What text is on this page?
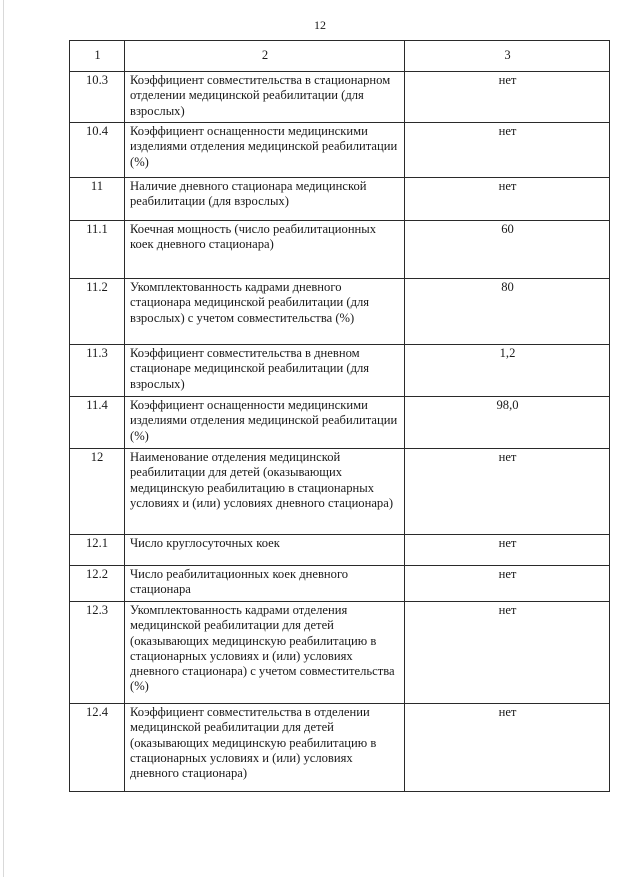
12
1	2	3
10.3	Коэффициент совместительства в стационарном отделении медицинской реабилитации (для взрослых)	нет
10.4	Коэффициент оснащенности медицинскими изделиями отделения медицинской реабилитации (%)	нет
11	Наличие дневного стационара медицинской реабилитации (для взрослых)	нет
11.1	Коечная мощность (число реабилитационных коек дневного стационара)	60
11.2	Укомплектованность кадрами дневного стационара медицинской реабилитации (для взрослых) с учетом совместительства (%)	80
11.3	Коэффициент совместительства в дневном стационаре медицинской реабилитации (для взрослых)	1,2
11.4	Коэффициент оснащенности медицинскими изделиями отделения медицинской реабилитации (%)	98,0
12	Наименование отделения медицинской реабилитации для детей (оказывающих медицинскую реабилитацию в стационарных условиях и (или) условиях дневного стационара)	нет
12.1	Число круглосуточных коек	нет
12.2	Число реабилитационных коек дневного стационара	нет
12.3	Укомплектованность кадрами отделения медицинской реабилитации для детей (оказывающих медицинскую реабилитацию в стационарных условиях и (или) условиях дневного стационара) с учетом совместительства (%)	нет
12.4	Коэффициент совместительства в отделении медицинской реабилитации для детей (оказывающих медицинскую реабилитацию в стационарных условиях и (или) условиях дневного стационара)	нет
